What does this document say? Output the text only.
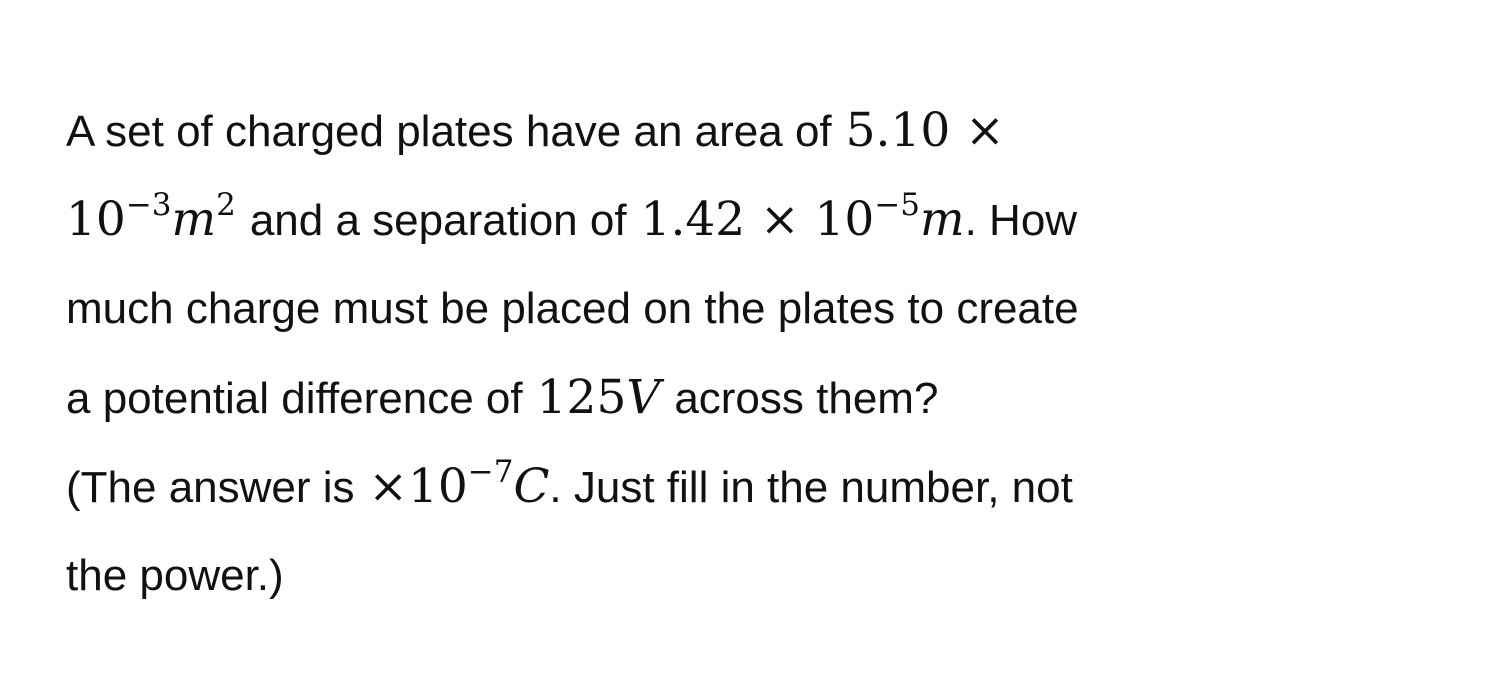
A set of charged plates have an area of 5.10 ×
$10^{-3}m^2$ and a separation of $1.42 \times 10^{-5}m$. How
much charge must be placed on the plates to create
a potential difference of 125V across them?
(The answer is $\times 10^{-7}C$. Just fill in the number, not
the power.)
